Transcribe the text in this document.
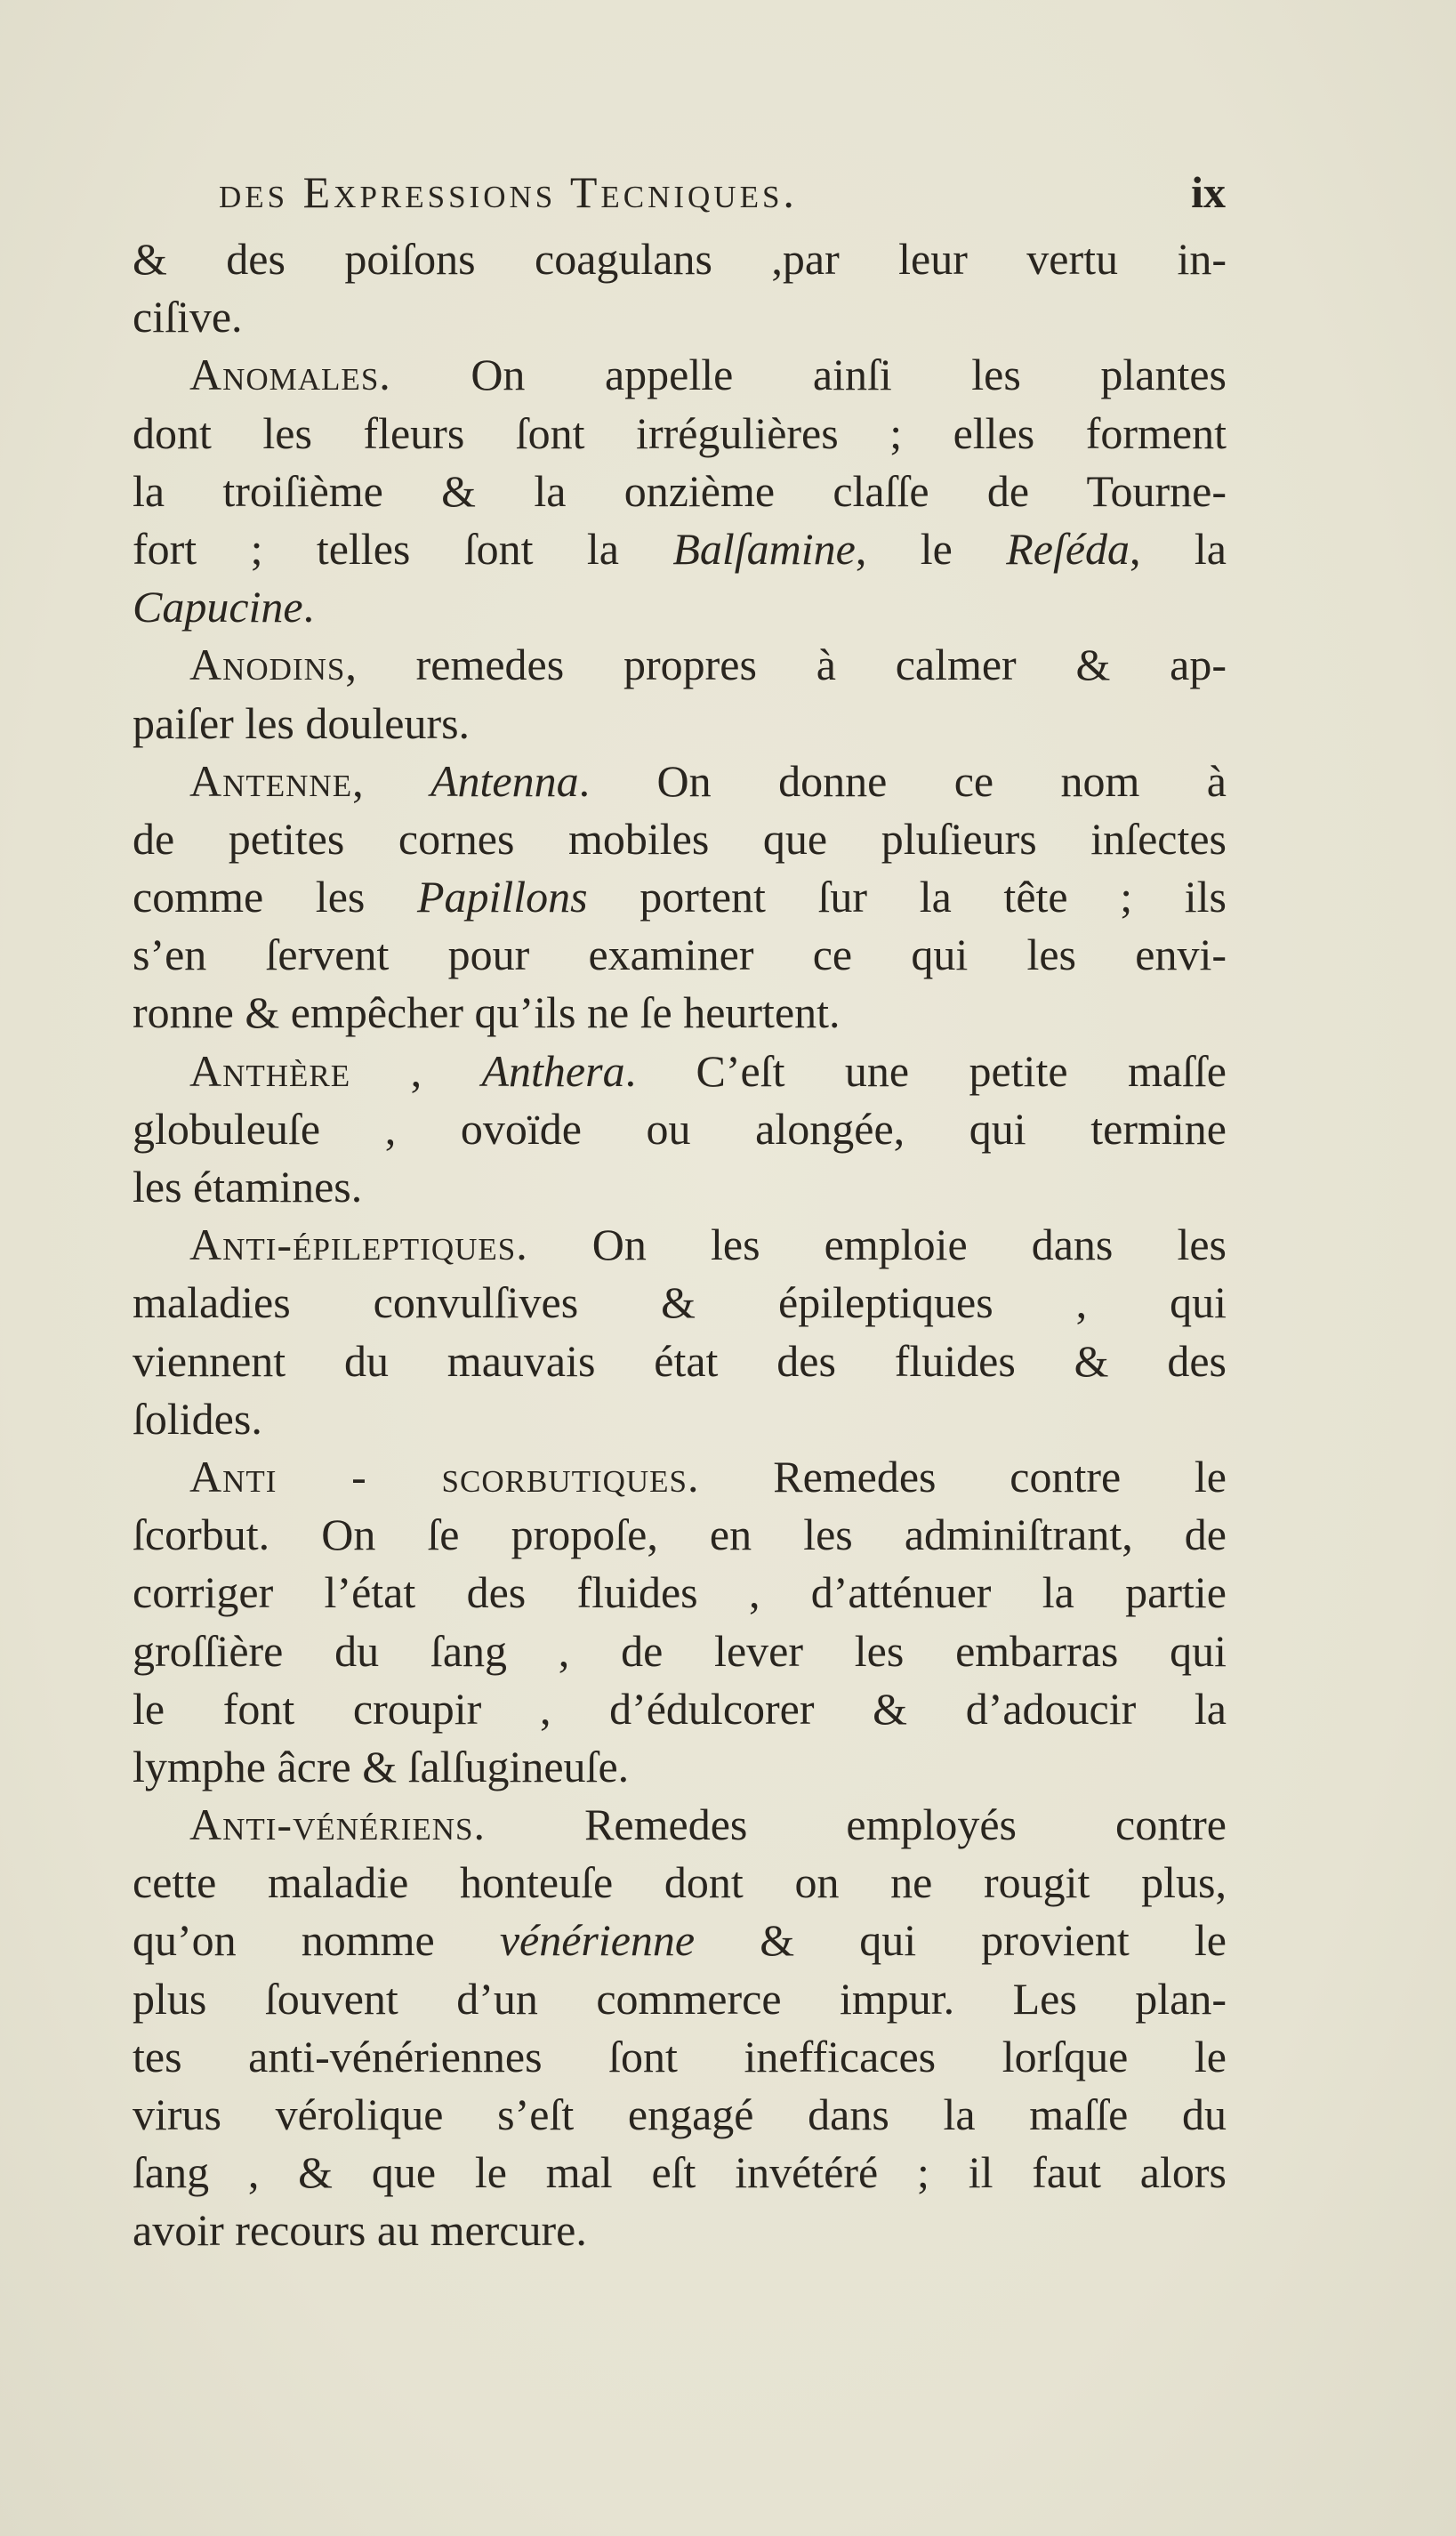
des Expressions Tecniques.	ix
& des poiſons coagulans ,par leur vertu in-
ciſive.
Anomales. On appelle ainſi les plantes
dont les fleurs ſont irrégulières ; elles forment
la troiſième & la onzième claſſe de Tourne-
fort ; telles ſont la Balſamine, le Reſéda, la
Capucine.
Anodins, remedes propres à calmer & ap-
paiſer les douleurs.
Antenne, Antenna. On donne ce nom à
de petites cornes mobiles que pluſieurs inſectes
comme les Papillons portent ſur la tête ; ils
s’en ſervent pour examiner ce qui les envi-
ronne & empêcher qu’ils ne ſe heurtent.
Anthère , Anthera. C’eſt une petite maſſe
globuleuſe , ovoïde ou alongée, qui termine
les étamines.
Anti-épileptiques. On les emploie dans les
maladies convulſives & épileptiques , qui
viennent du mauvais état des fluides & des
ſolides.
Anti - scorbutiques. Remedes contre le
ſcorbut. On ſe propoſe, en les adminiſtrant, de
corriger l’état des fluides , d’atténuer la partie
groſſière du ſang , de lever les embarras qui
le font croupir , d’édulcorer & d’adoucir la
lymphe âcre & ſalſugineuſe.
Anti-vénériens. Remedes employés contre
cette maladie honteuſe dont on ne rougit plus,
qu’on nomme vénérienne & qui provient le
plus ſouvent d’un commerce impur. Les plan-
tes anti-vénériennes ſont inefficaces lorſque le
virus vérolique s’eſt engagé dans la maſſe du
ſang , & que le mal eſt invétéré ; il faut alors
avoir recours au mercure.
